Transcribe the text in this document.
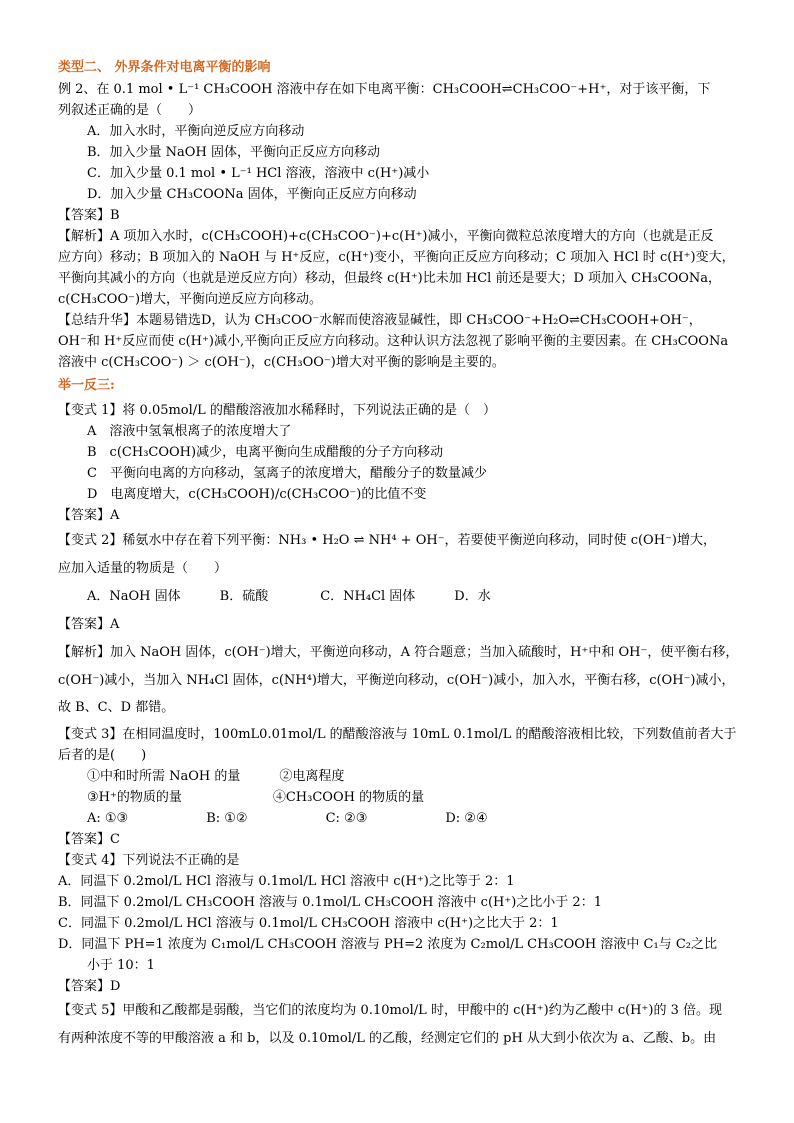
类型二、 外界条件对电离平衡的影响
例 2、在 0.1 mol • L⁻¹ CH₃COOH 溶液中存在如下电离平衡：CH₃COOH⇌CH₃COO⁻+H⁺，对于该平衡，下
列叙述正确的是（　　）
A．加入水时，平衡向逆反应方向移动
B．加入少量 NaOH 固体，平衡向正反应方向移动
C．加入少量 0.1 mol • L⁻¹ HCl 溶液，溶液中 c(H⁺)减小
D．加入少量 CH₃COONa 固体，平衡向正反应方向移动
【答案】B
【解析】A 项加入水时，c(CH₃COOH)+c(CH₃COO⁻)+c(H⁺)减小，平衡向微粒总浓度增大的方向（也就是正反
应方向）移动；B 项加入的 NaOH 与 H⁺反应，c(H⁺)变小，平衡向正反应方向移动；C 项加入 HCl 时 c(H⁺)变大，
平衡向其减小的方向（也就是逆反应方向）移动，但最终 c(H⁺)比未加 HCl 前还是要大；D 项加入 CH₃COONa，
c(CH₃COO⁻)增大，平衡向逆反应方向移动。
【总结升华】本题易错选D，认为 CH₃COO⁻水解而使溶液显碱性，即 CH₃COO⁻+H₂O⇌CH₃COOH+OH⁻，
OH⁻和 H⁺反应而使 c(H⁺)减小,平衡向正反应方向移动。这种认识方法忽视了影响平衡的主要因素。在 CH₃COONa
溶液中 c(CH₃COO⁻) ＞ c(OH⁻)，c(CH₃OO⁻)增大对平衡的影响是主要的。
举一反三:
【变式 1】将 0.05mol/L 的醋酸溶液加水稀释时，下列说法正确的是（　）
A　溶液中氢氧根离子的浓度增大了
B　c(CH₃COOH)减少，电离平衡向生成醋酸的分子方向移动
C　平衡向电离的方向移动，氢离子的浓度增大，醋酸分子的数量减少
D　电离度增大，c(CH₃COOH)/c(CH₃COO⁻)的比值不变
【答案】A
【变式 2】稀氨水中存在着下列平衡：NH₃ • H₂O ⇌ NH⁴ + OH⁻，若要使平衡逆向移动，同时使 c(OH⁻)增大，
应加入适量的物质是（　　）
A．NaOH 固体　　　B．硫酸　　　　C．NH₄Cl 固体　　　D．水
【答案】A
【解析】加入 NaOH 固体，c(OH⁻)增大，平衡逆向移动，A 符合题意；当加入硫酸时，H⁺中和 OH⁻，使平衡右移，
c(OH⁻)减小，当加入 NH₄Cl 固体，c(NH⁴)增大，平衡逆向移动，c(OH⁻)减小，加入水，平衡右移，c(OH⁻)减小，
故 B、C、D 都错。
【变式 3】在相同温度时，100mL0.01mol/L 的醋酸溶液与 10mL 0.1mol/L 的醋酸溶液相比较，下列数值前者大于
后者的是(　　)
①中和时所需 NaOH 的量　　　②电离程度
③H⁺的物质的量　　　　　　　④CH₃COOH 的物质的量
A: ①③　　　　　　B: ①②　　　　　　C: ②③　　　　　　D: ②④
【答案】C
【变式 4】下列说法不正确的是
A．同温下 0.2mol/L HCl 溶液与 0.1mol/L HCl 溶液中 c(H⁺)之比等于 2：1
B．同温下 0.2mol/L CH₃COOH 溶液与 0.1mol/L CH₃COOH 溶液中 c(H⁺)之比小于 2：1
C．同温下 0.2mol/L HCl 溶液与 0.1mol/L CH₃COOH 溶液中 c(H⁺)之比大于 2：1
D．同温下 PH=1 浓度为 C₁mol/L CH₃COOH 溶液与 PH=2 浓度为 C₂mol/L CH₃COOH 溶液中 C₁与 C₂之比
小于 10：1
【答案】D
【变式 5】甲酸和乙酸都是弱酸，当它们的浓度均为 0.10mol/L 时，甲酸中的 c(H⁺)约为乙酸中 c(H⁺)的 3 倍。现
有两种浓度不等的甲酸溶液 a 和 b，以及 0.10mol/L 的乙酸，经测定它们的 pH 从大到小依次为 a、乙酸、b。由
